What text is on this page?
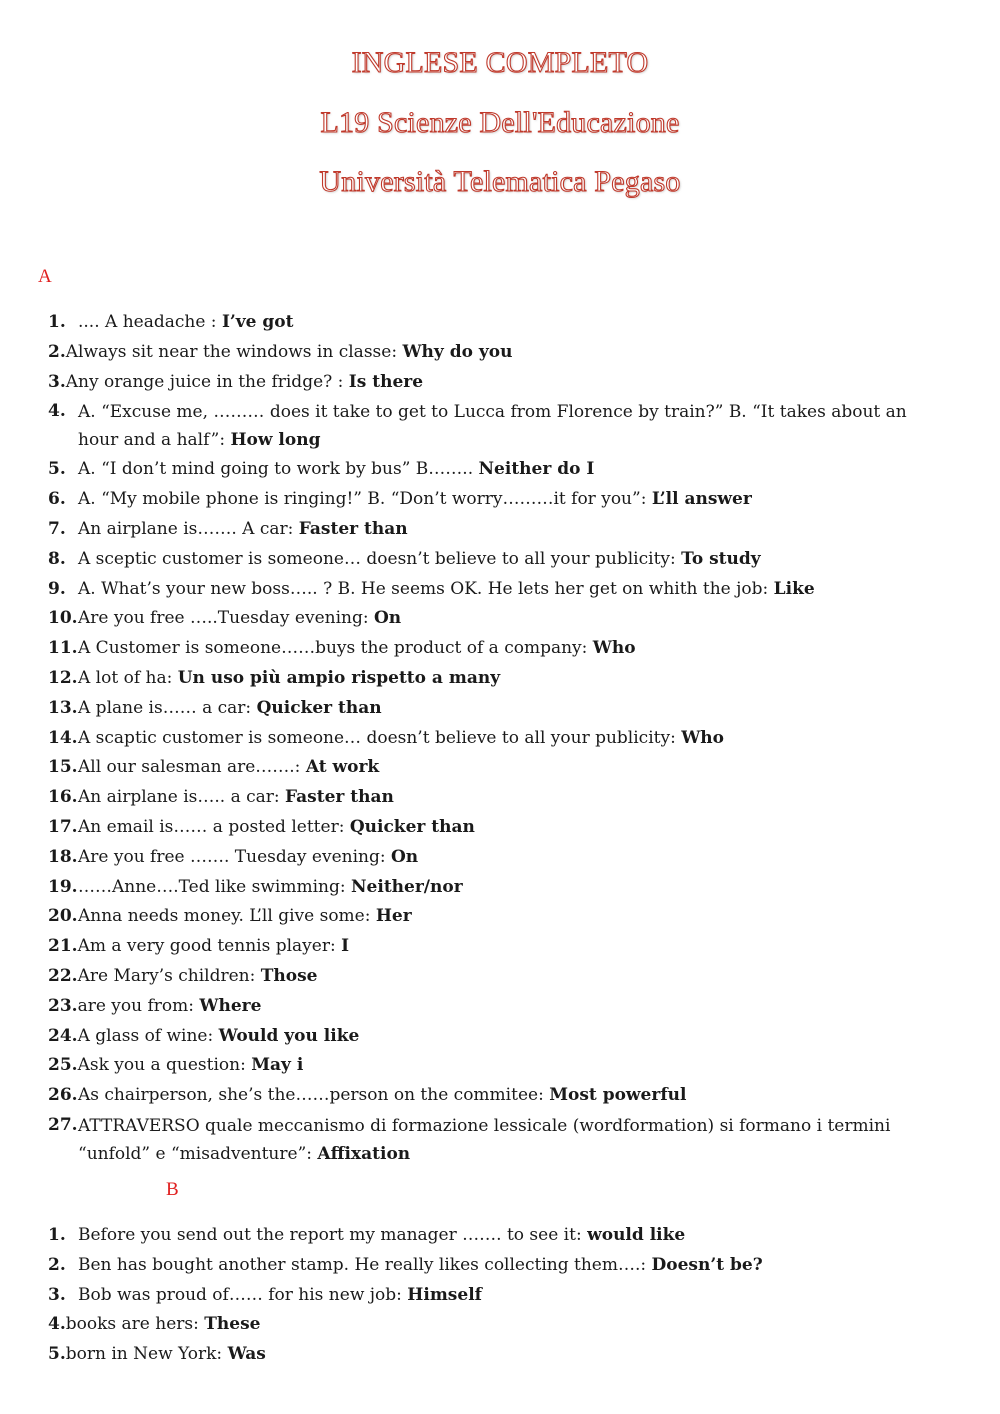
INGLESE COMPLETO
L19 Scienze Dell'Educazione
Università Telematica Pegaso
A
1. .... A headache : I’ve got
2.Always sit near the windows in classe: Why do you
3.Any orange juice in the fridge? : Is there
4. A. “Excuse me, ……… does it take to get to Lucca from Florence by train?” B. “It takes about an hour and a half”: How long
5. A. “I don’t mind going to work by bus” B…….. Neither do I
6. A. “My mobile phone is ringing!” B. “Don’t worry………it for you”: L’ll answer
7. An airplane is……. A car: Faster than
8. A sceptic customer is someone… doesn’t believe to all your publicity: To study
9. A. What’s your new boss….. ? B. He seems OK. He lets her get on whith the job: Like
10. Are you free …..Tuesday evening: On
11. A Customer is someone……buys the product of a company: Who
12. A lot of ha: Un uso più ampio rispetto a many
13. A plane is…… a car: Quicker than
14. A scaptic customer is someone… doesn’t believe to all your publicity: Who
15. All our salesman are…….: At work
16. An airplane is….. a car: Faster than
17. An email is…… a posted letter: Quicker than
18. Are you free ……. Tuesday evening: On
19. ……Anne….Ted like swimming: Neither/nor
20. Anna needs money. L’ll give some: Her
21.Am a very good tennis player: I
22.Are Mary’s children: Those
23.are you from: Where
24.A glass of wine: Would you like
25.Ask you a question: May i
26. As chairperson, she’s the……person on the commitee: Most powerful
27. ATTRAVERSO quale meccanismo di formazione lessicale (wordformation) si formano i termini “unfold” e “misadventure”: Affixation
B
1. Before you send out the report my manager ……. to see it: would like
2. Ben has bought another stamp. He really likes collecting them….: Doesn’t be?
3. Bob was proud of…… for his new job: Himself
4.books are hers: These
5.born in New York: Was
